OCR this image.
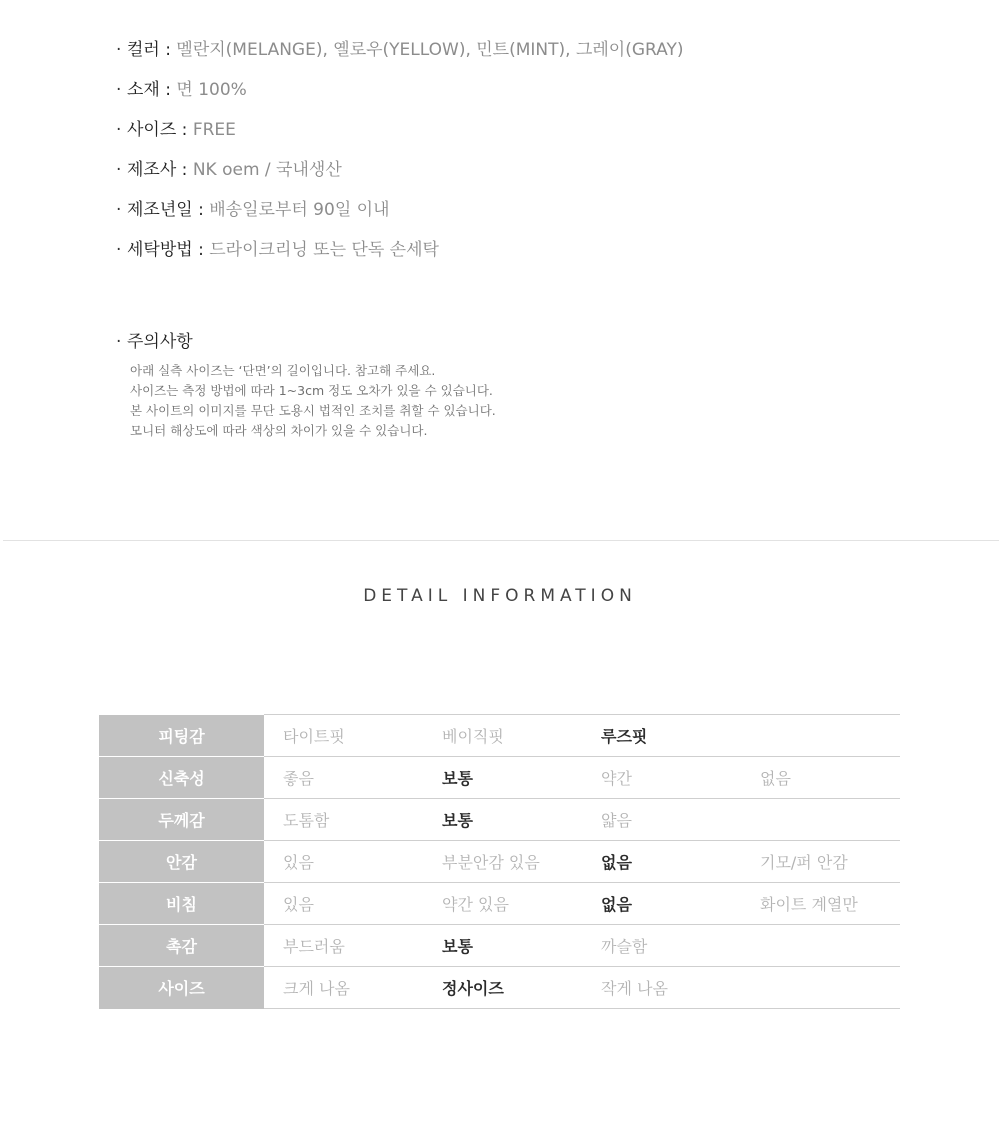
· 컬러 : 멜란지(MELANGE), 옐로우(YELLOW), 민트(MINT), 그레이(GRAY)
· 소재 : 면 100%
· 사이즈 : FREE
· 제조사 : NK oem / 국내생산
· 제조년일 : 배송일로부터 90일 이내
· 세탁방법 : 드라이크리닝 또는 단독 손세탁
· 주의사항
아래 실측 사이즈는 ‘단면’의 길이입니다. 참고해 주세요.
사이즈는 측정 방법에 따라 1~3cm 정도 오차가 있을 수 있습니다.
본 사이트의 이미지를 무단 도용시 법적인 조치를 취할 수 있습니다.
모니터 해상도에 따라 색상의 차이가 있을 수 있습니다.
DETAIL INFORMATION
피팅감	타이트핏	베이직핏	루즈핏	
신축성	좋음	보통	약간	없음
두께감	도톰함	보통	얇음	
안감	있음	부분안감 있음	없음	기모/퍼 안감
비침	있음	약간 있음	없음	화이트 계열만
촉감	부드러움	보통	까슬함	
사이즈	크게 나옴	정사이즈	작게 나옴	
